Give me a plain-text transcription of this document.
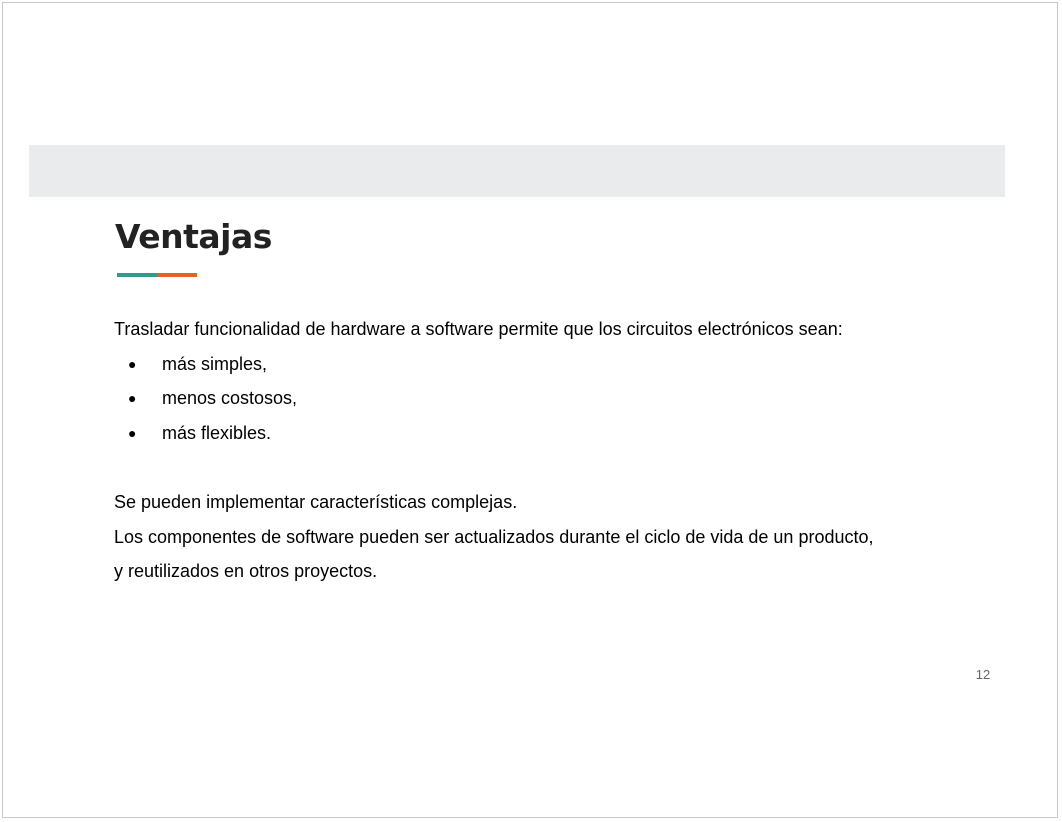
Ventajas
Trasladar funcionalidad de hardware a software permite que los circuitos electrónicos sean:
● más simples,
● menos costosos,
● más flexibles.
Se pueden implementar características complejas.
Los componentes de software pueden ser actualizados durante el ciclo de vida de un producto,
y reutilizados en otros proyectos.
12
